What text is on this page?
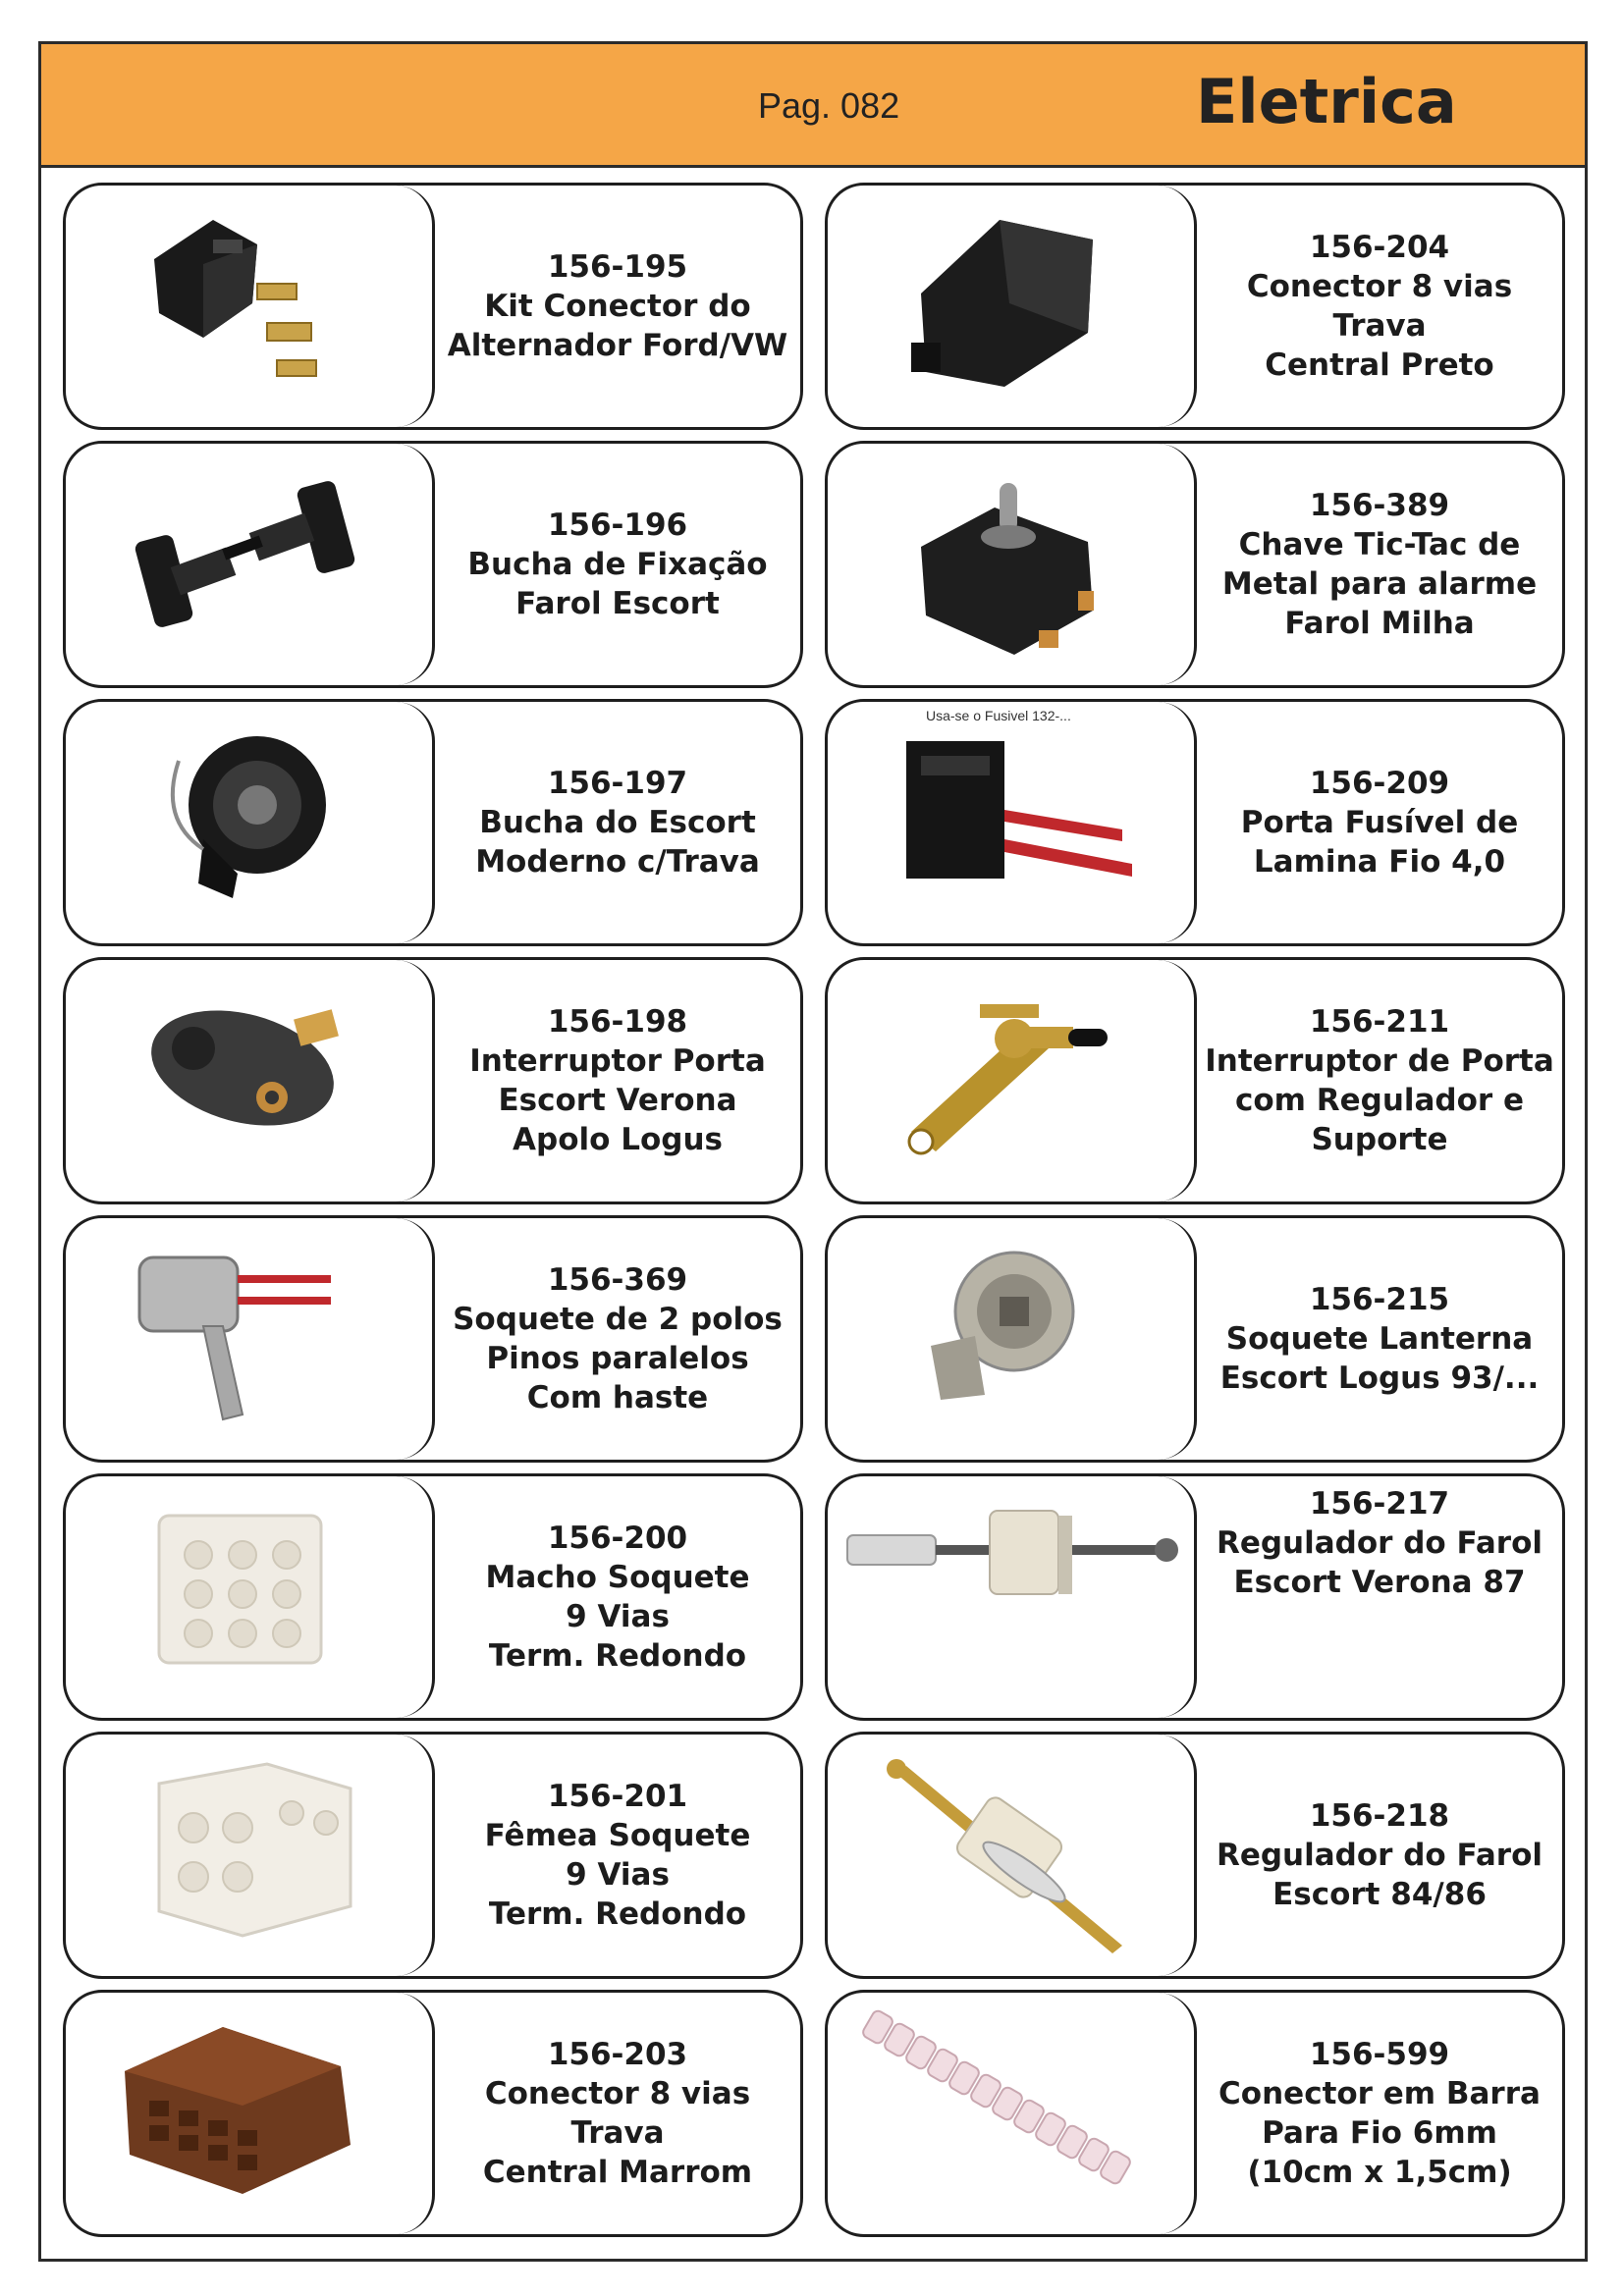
Pag. 082	Eletrica
156-195
Kit Conector do
Alternador Ford/VW
156-204
Conector 8 vias Trava
Central Preto
156-196
Bucha de Fixação
Farol Escort
156-389
Chave Tic-Tac de
Metal para alarme
Farol Milha
156-197
Bucha do Escort
Moderno c/Trava
Usa-se o Fusivel 132-...
156-209
Porta Fusível de
Lamina Fio 4,0
156-198
Interruptor Porta
Escort Verona
Apolo Logus
156-211
Interruptor de Porta
com Regulador e
Suporte
156-369
Soquete de 2 polos
Pinos paralelos
Com haste
156-215
Soquete Lanterna
Escort Logus 93/...
156-200
Macho Soquete
9 Vias
Term. Redondo
156-217
Regulador do Farol
Escort Verona 87
156-201
Fêmea Soquete
9 Vias
Term. Redondo
156-218
Regulador do Farol
Escort 84/86
156-203
Conector 8 vias Trava
Central Marrom
156-599
Conector em Barra
Para Fio 6mm
(10cm x 1,5cm)
